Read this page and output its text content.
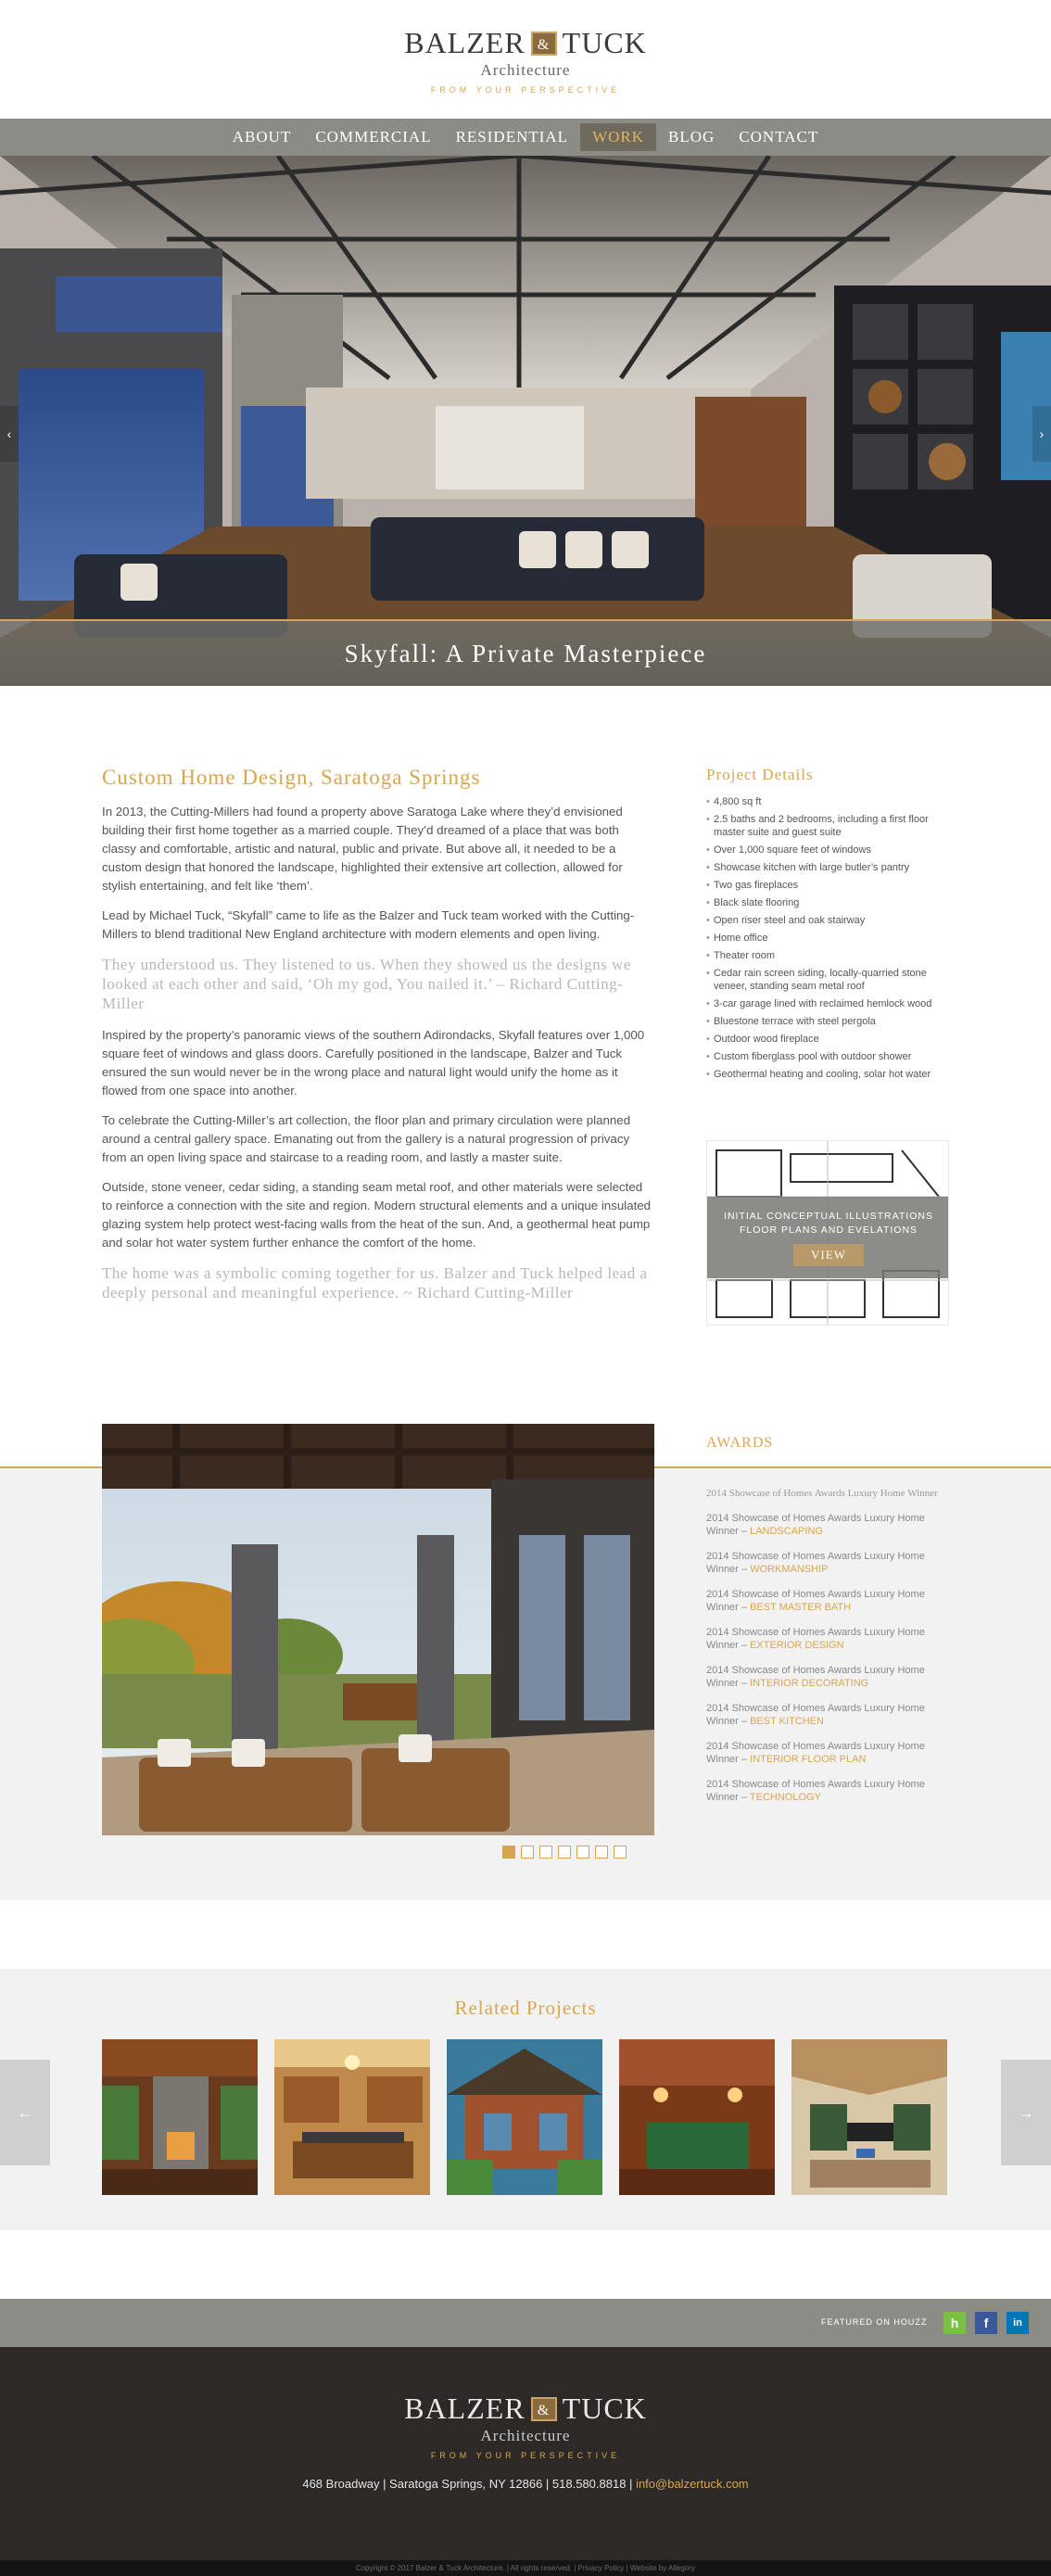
BALZER & TUCK
Architecture
FROM YOUR PERSPECTIVE
ABOUT	COMMERCIAL	RESIDENTIAL	WORK	BLOG	CONTACT
‹	›
Skyfall: A Private Masterpiece
Custom Home Design, Saratoga Springs

In 2013, the Cutting-Millers had found a property above Saratoga Lake where they’d envisioned building their first home together as a married couple. They’d dreamed of a place that was both classy and comfortable, artistic and natural, public and private. But above all, it needed to be a custom design that honored the landscape, highlighted their extensive art collection, allowed for stylish entertaining, and felt like ‘them’.

Lead by Michael Tuck, “Skyfall” came to life as the Balzer and Tuck team worked with the Cutting-Millers to blend traditional New England architecture with modern elements and open living.

They understood us. They listened to us. When they showed us the designs we looked at each other and said, ‘Oh my god, You nailed it.’ – Richard Cutting-Miller

Inspired by the property’s panoramic views of the southern Adirondacks, Skyfall features over 1,000 square feet of windows and glass doors. Carefully positioned in the landscape, Balzer and Tuck ensured the sun would never be in the wrong place and natural light would unify the home as it flowed from one space into another.

To celebrate the Cutting-Miller’s art collection, the floor plan and primary circulation were planned around a central gallery space. Emanating out from the gallery is a natural progression of privacy from an open living space and staircase to a reading room, and lastly a master suite.

Outside, stone veneer, cedar siding, a standing seam metal roof, and other materials were selected to reinforce a connection with the site and region. Modern structural elements and a unique insulated glazing system help protect west-facing walls from the heat of the sun. And, a geothermal heat pump and solar hot water system further enhance the comfort of the home.

The home was a symbolic coming together for us. Balzer and Tuck helped lead a deeply personal and meaningful experience. ~ Richard Cutting-Miller

Project Details
• 4,800 sq ft
• 2.5 baths and 2 bedrooms, including a first floor master suite and guest suite
• Over 1,000 square feet of windows
• Showcase kitchen with large butler’s pantry
• Two gas fireplaces
• Black slate flooring
• Open riser steel and oak stairway
• Home office
• Theater room
• Cedar rain screen siding, locally-quarried stone veneer, standing seam metal roof
• 3-car garage lined with reclaimed hemlock wood
• Bluestone terrace with steel pergola
• Outdoor wood fireplace
• Custom fiberglass pool with outdoor shower
• Geothermal heating and cooling, solar hot water
INITIAL CONCEPTUAL ILLUSTRATIONS
FLOOR PLANS AND EVELATIONS
VIEW
AWARDS
2014 Showcase of Homes Awards Luxury Home Winner
2014 Showcase of Homes Awards Luxury Home Winner – LANDSCAPING
2014 Showcase of Homes Awards Luxury Home Winner – WORKMANSHIP
2014 Showcase of Homes Awards Luxury Home Winner – BEST MASTER BATH
2014 Showcase of Homes Awards Luxury Home Winner – EXTERIOR DESIGN
2014 Showcase of Homes Awards Luxury Home Winner – INTERIOR DECORATING
2014 Showcase of Homes Awards Luxury Home Winner – BEST KITCHEN
2014 Showcase of Homes Awards Luxury Home Winner – INTERIOR FLOOR PLAN
2014 Showcase of Homes Awards Luxury Home Winner – TECHNOLOGY
Related Projects
←	→
FEATURED ON HOUZZ	h	f	in
BALZER & TUCK
Architecture
FROM YOUR PERSPECTIVE
468 Broadway | Saratoga Springs, NY 12866 | 518.580.8818 | info@balzertuck.com
Copyright © 2017 Balzer & Tuck Architecture. | All rights reserved. | Privacy Policy | Website by Allegory
